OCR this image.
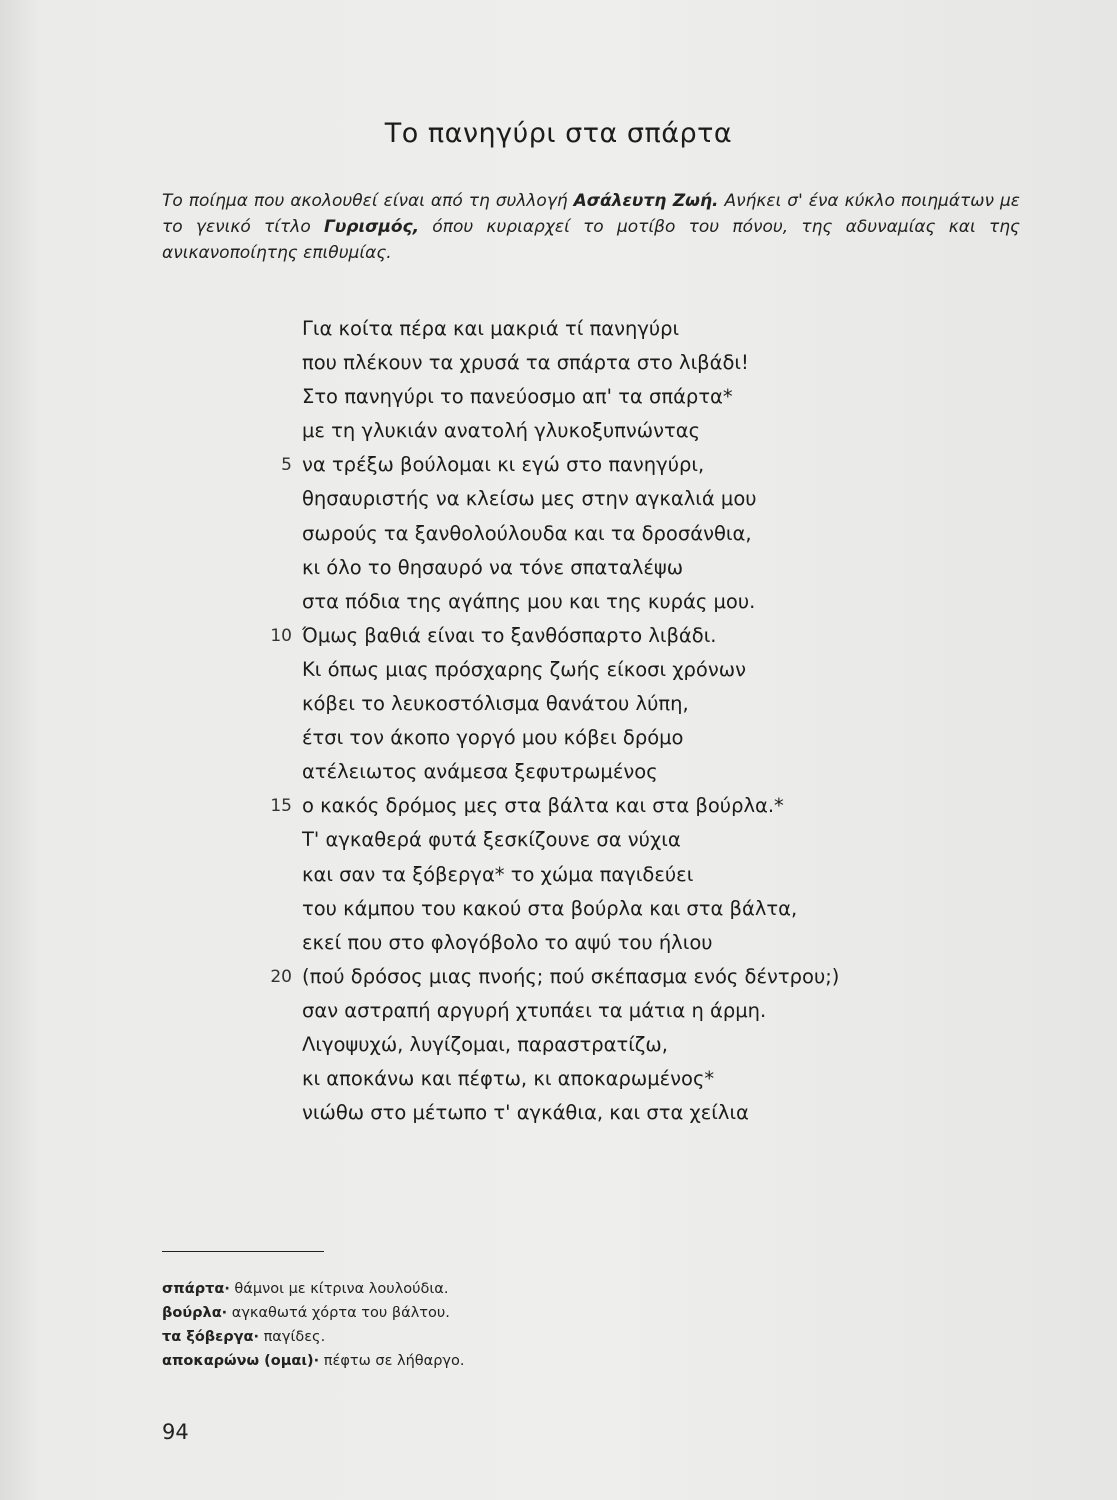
Το πανηγύρι στα σπάρτα
Το ποίημα που ακολουθεί είναι από τη συλλογή Ασάλευτη Ζωή. Ανήκει σ' ένα κύκλο ποιημάτων με το γενικό τίτλο Γυρισμός, όπου κυριαρχεί το μοτίβο του πόνου, της αδυναμίας και της ανικανοποίητης επιθυμίας.
Για κοίτα πέρα και μακριά τί πανηγύρι
που πλέκουν τα χρυσά τα σπάρτα στο λιβάδι!
Στο πανηγύρι το πανεύοσμο απ' τα σπάρτα*
με τη γλυκιάν ανατολή γλυκοξυπνώντας
5 να τρέξω βούλομαι κι εγώ στο πανηγύρι,
θησαυριστής να κλείσω μες στην αγκαλιά μου
σωρούς τα ξανθολούλουδα και τα δροσάνθια,
κι όλο το θησαυρό να τόνε σπαταλέψω
στα πόδια της αγάπης μου και της κυράς μου.
10 Όμως βαθιά είναι το ξανθόσπαρτο λιβάδι.
Κι όπως μιας πρόσχαρης ζωής είκοσι χρόνων
κόβει το λευκοστόλισμα θανάτου λύπη,
έτσι τον άκοπο γοργό μου κόβει δρόμο
ατέλειωτος ανάμεσα ξεφυτρωμένος
15 ο κακός δρόμος μες στα βάλτα και στα βούρλα.*
Τ' αγκαθερά φυτά ξεσκίζουνε σα νύχια
και σαν τα ξόβεργα* το χώμα παγιδεύει
του κάμπου του κακού στα βούρλα και στα βάλτα,
εκεί που στο φλογόβολο το αψύ του ήλιου
20 (πού δρόσος μιας πνοής; πού σκέπασμα ενός δέντρου;)
σαν αστραπή αργυρή χτυπάει τα μάτια η άρμη.
Λιγοψυχώ, λυγίζομαι, παραστρατίζω,
κι αποκάνω και πέφτω, κι αποκαρωμένος*
νιώθω στο μέτωπο τ' αγκάθια, και στα χείλια
σπάρτα· θάμνοι με κίτρινα λουλούδια.
βούρλα· αγκαθωτά χόρτα του βάλτου.
τα ξόβεργα· παγίδες.
αποκαρώνω (ομαι)· πέφτω σε λήθαργο.
94
